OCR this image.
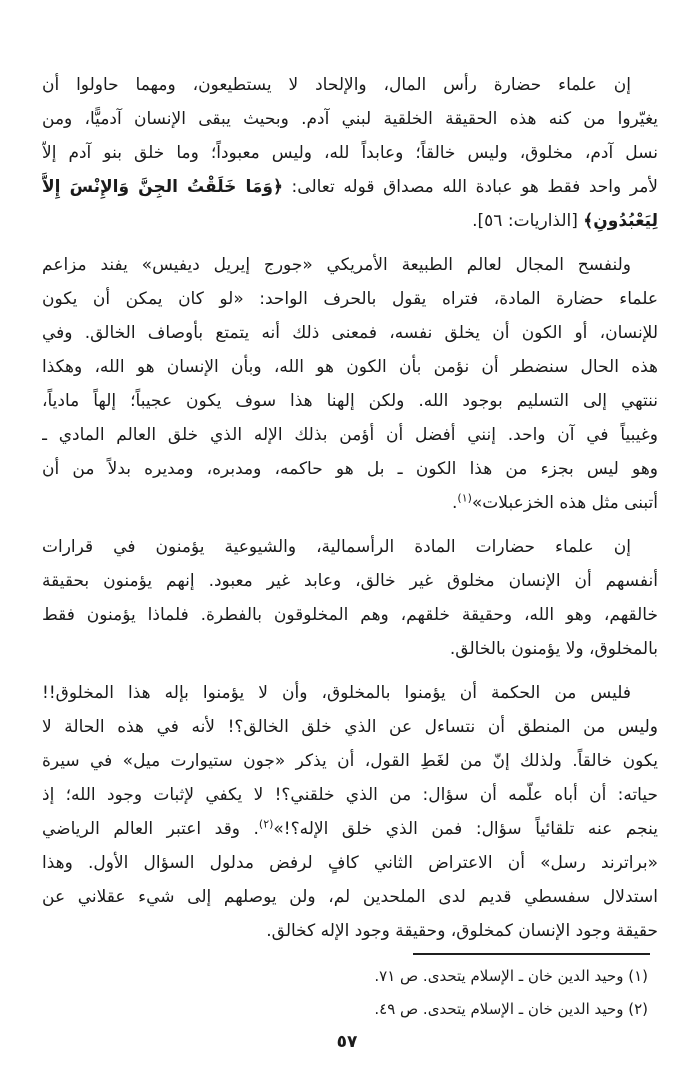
إن علماء حضارة رأس المال، والإلحاد لا يستطيعون، ومهما حاولوا أن
يغيّروا من كنه هذه الحقيقة الخلقية لبني آدم. وبحيث يبقى الإنسان آدميًّا، ومن
نسل آدم، مخلوق، وليس خالقاً؛ وعابداً لله، وليس معبوداً؛ وما خلق بنو آدم إلاّ
لأمر واحد فقط هو عبادة الله مصداق قوله تعالى: ﴿وَمَا خَلَقْتُ الجِنَّ وَالإِنْسَ إِلاَّ
لِيَعْبُدُونِ﴾ [الذاريات: ٥٦].
ولنفسح المجال لعالم الطبيعة الأمريكي «جورج إيريل ديفيس» يفند مزاعم
علماء حضارة المادة، فتراه يقول بالحرف الواحد: «لو كان يمكن أن يكون
للإنسان، أو الكون أن يخلق نفسه، فمعنى ذلك أنه يتمتع بأوصاف الخالق. وفي
هذه الحال سنضطر أن نؤمن بأن الكون هو الله، وبأن الإنسان هو الله، وهكذا
ننتهي إلى التسليم بوجود الله. ولكن إلهنا هذا سوف يكون عجيباً؛ إلهاً مادياً،
وغيبياً في آن واحد. إنني أفضل أن أؤمن بذلك الإله الذي خلق العالم المادي ـ
وهو ليس بجزء من هذا الكون ـ بل هو حاكمه، ومدبره، ومديره بدلاً من أن
أتبنى مثل هذه الخزعبلات»$^{(١)}$.
إن علماء حضارات المادة الرأسمالية، والشيوعية يؤمنون في قرارات
أنفسهم أن الإنسان مخلوق غير خالق، وعابد غير معبود. إنهم يؤمنون بحقيقة
خالقهم، وهو الله، وحقيقة خلقهم، وهم المخلوقون بالفطرة. فلماذا يؤمنون فقط
بالمخلوق، ولا يؤمنون بالخالق.
فليس من الحكمة أن يؤمنوا بالمخلوق، وأن لا يؤمنوا بإله هذا المخلوق!!
وليس من المنطق أن نتساءل عن الذي خلق الخالق؟! لأنه في هذه الحالة لا
يكون خالقاً. ولذلك إنّ من لغَطِ القول، أن يذكر «جون ستيوارت ميل» في سيرة
حياته: أن أباه علّمه أن سؤال: من الذي خلقني؟! لا يكفي لإثبات وجود الله؛ إذ
ينجم عنه تلقائياً سؤال: فمن الذي خلق الإله؟!»$^{(٢)}$. وقد اعتبر العالم الرياضي
«براترند رسل» أن الاعتراض الثاني كافٍ لرفض مدلول السؤال الأول. وهذا
استدلال سفسطي قديم لدى الملحدين لم، ولن يوصلهم إلى شيء عقلاني عن
حقيقة وجود الإنسان كمخلوق، وحقيقة وجود الإله كخالق.
(١) وحيد الدين خان ـ الإسلام يتحدى. ص ٧١.
(٢) وحيد الدين خان ـ الإسلام يتحدى. ص ٤٩.
٥٧
